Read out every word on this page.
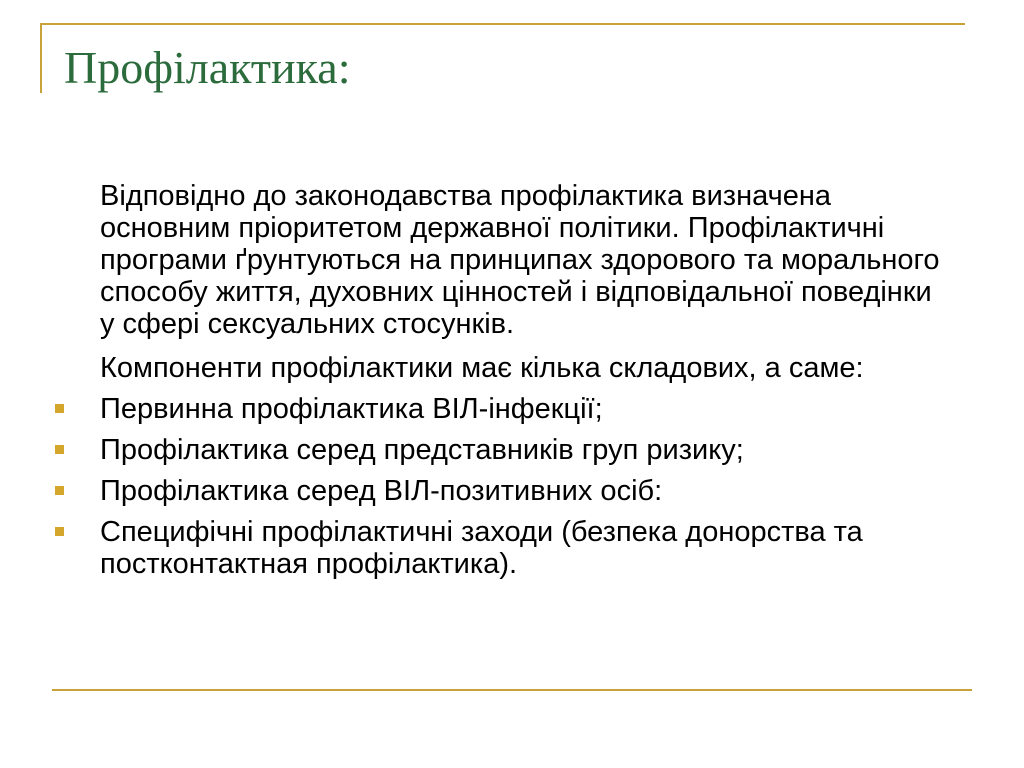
Профілактика:

Відповідно до законодавства профілактика визначена основним пріоритетом державної політики. Профілактичні програми ґрунтуються на принципах здорового та морального способу життя, духовних цінностей і відповідальної поведінки у сфері сексуальних стосунків.

Компоненти профілактики має кілька складових, а саме:

Первинна профілактика ВІЛ-інфекції;
Профілактика серед представників груп ризику;
Профілактика серед ВІЛ-позитивних осіб:
Специфічні профілактичні заходи (безпека донорства та постконтактная профілактика).
